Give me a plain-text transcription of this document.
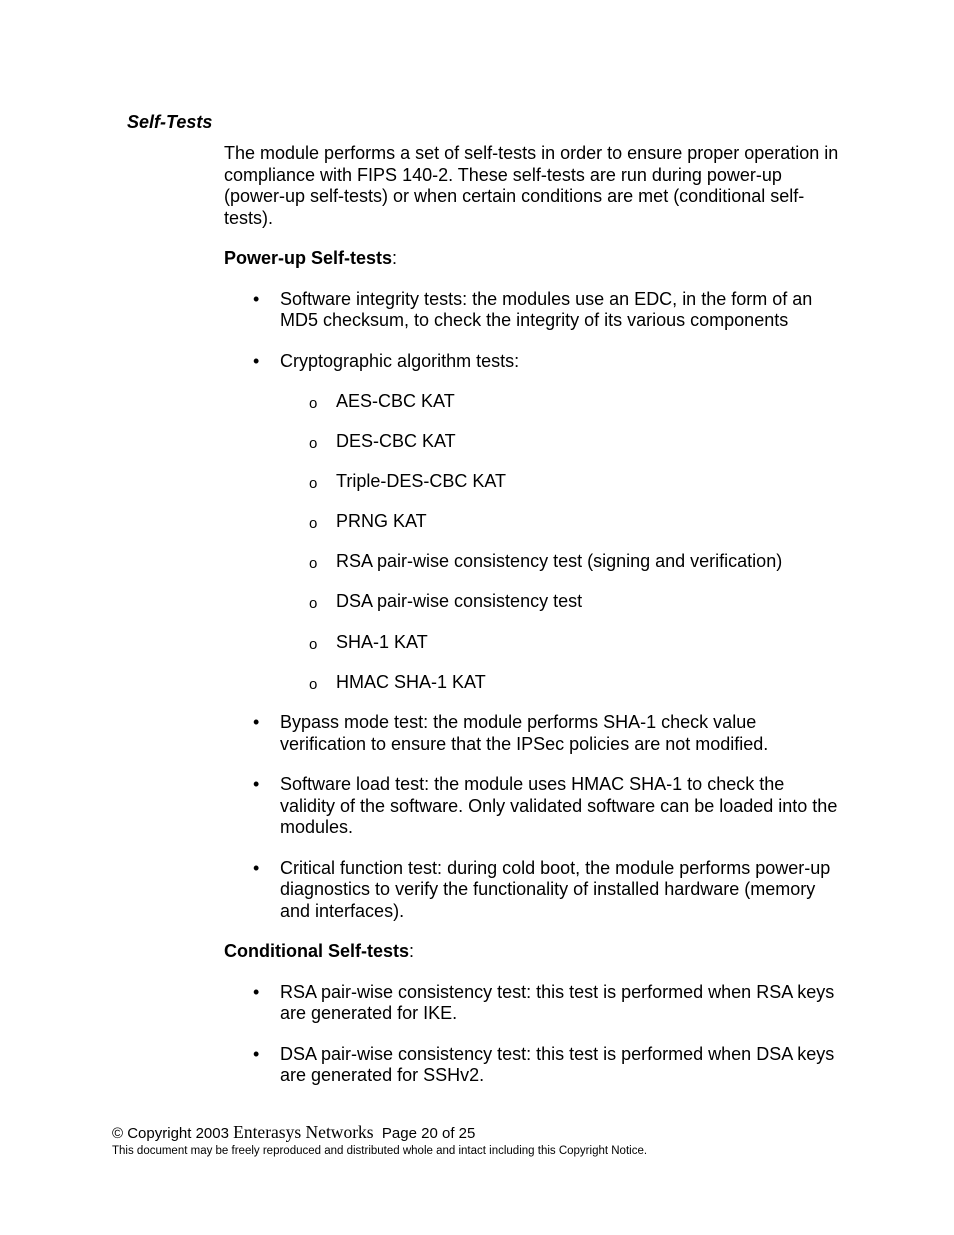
Self-Tests

The module performs a set of self-tests in order to ensure proper operation in compliance with FIPS 140-2. These self-tests are run during power-up (power-up self-tests) or when certain conditions are met (conditional self-tests).

Power-up Self-tests:

• Software integrity tests: the modules use an EDC, in the form of an MD5 checksum, to check the integrity of its various components
• Cryptographic algorithm tests:
o AES-CBC KAT
o DES-CBC KAT
o Triple-DES-CBC KAT
o PRNG KAT
o RSA pair-wise consistency test (signing and verification)
o DSA pair-wise consistency test
o SHA-1 KAT
o HMAC SHA-1 KAT
• Bypass mode test: the module performs SHA-1 check value verification to ensure that the IPSec policies are not modified.
• Software load test: the module uses HMAC SHA-1 to check the validity of the software. Only validated software can be loaded into the modules.
• Critical function test: during cold boot, the module performs power-up diagnostics to verify the functionality of installed hardware (memory and interfaces).

Conditional Self-tests:

• RSA pair-wise consistency test: this test is performed when RSA keys are generated for IKE.
• DSA pair-wise consistency test: this test is performed when DSA keys are generated for SSHv2.
© Copyright 2003 Enterasys Networks Page 20 of 25
This document may be freely reproduced and distributed whole and intact including this Copyright Notice.
